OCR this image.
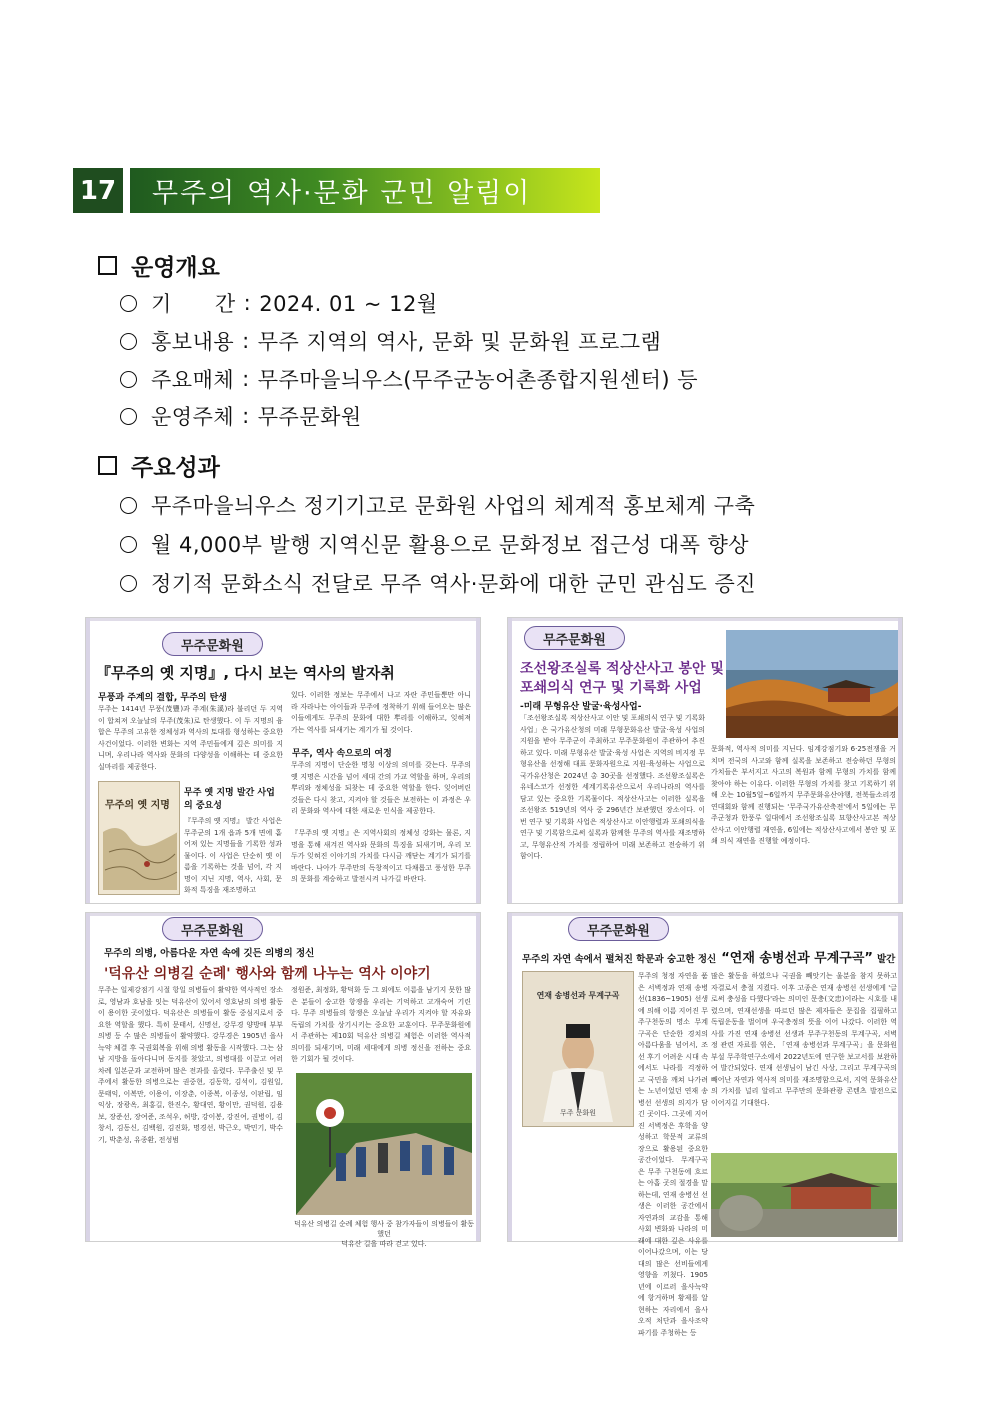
17	무주의 역사·문화 군민 알림이
운영개요
기      간 : 2024. 01 ~ 12월
홍보내용 : 무주 지역의 역사, 문화 및 문화원 프로그램
주요매체 : 무주마을늬우스(무주군농어촌종합지원센터) 등
운영주체 : 무주문화원
주요성과
무주마을늬우스 정기기고로 문화원 사업의 체계적 홍보체계 구축
월 4,000부 발행 지역신문 활용으로 문화정보 접근성 대폭 향상
정기적 문화소식 전달로 무주 역사·문화에 대한 군민 관심도 증진
무주문화원
『무주의 옛 지명』, 다시 보는 역사의 발자취
무풍과 주계의 결합, 무주의 탄생
무주는 1414년 무풍(茂豐)과 주계(朱溪)라 불리던 두 지역이 합쳐져 오늘날의 무주(茂朱)로 탄생했다. 이 두 지명의 융합은 무주의 고유한 정체성과 역사의 토대를 형성하는 중요한 사건이었다. 이러한 변화는 지역 주민들에게 깊은 의미를 지니며, 우리나라 역사와 문화의 다양성을 이해하는 데 중요한 실마리를 제공한다.
있다. 이러한 정보는 무주에서 나고 자란 주민들뿐만 아니라 자라나는 아이들과 무주에 정착하기 위해 들어오는 많은 이들에게도 무주의 문화에 대한 뿌리를 이해하고, 잊혀져 가는 역사를 되새기는 계기가 될 것이다.
무주, 역사 속으로의 여정
무주의 지명이 단순한 명칭 이상의 의미를 갖는다. 무주의 옛 지명은 시간을 넘어 세대 간의 가교 역할을 하며, 우리의 뿌리와 정체성을 되찾는 데 중요한 역할을 한다. 잊어버린 것들은 다시 찾고, 지켜야 할 것들은 보전하는 이 과정은 우리 문화와 역사에 대한 새로운 인식을 제공한다.
무주 옛 지명 발간 사업의 중요성
무주의 옛 지명
『무주의 옛 지명』 발간 사업은 무주군의 1개 읍과 5개 면에 흩어져 있는 지명들을 기록한 성과물이다. 이 사업은 단순히 옛 이름을 기록하는 것을 넘어, 각 지명이 지닌 지명, 역사, 사회, 문화적 특징을 재조명하고
『무주의 옛 지명』은 지역사회의 정체성 강화는 물론, 지명을 통해 새겨진 역사와 문화의 특징을 되새기며, 우리 모두가 잊혀진 이야기의 가치를 다시금 깨닫는 계기가 되기를 바란다. 나아가 무주만의 독창적이고 다채롭고 풍성한 무주의 문화를 계승하고 발전시켜 나가길 바란다.
무주문화원
조선왕조실록 적상산사고 봉안 및
포쇄의식 연구 및 기록화 사업
-미래 무형유산 발굴·육성사업-
「조선왕조실록 적상산사고 이안 및 포쇄의식 연구 및 기록화 사업」은 국가유산청의 미래 무형문화유산 발굴·육성 사업의 지원을 받아 무주군이 주최하고 무주문화원이 주관하여 추진하고 있다. 미래 무형유산 발굴·육성 사업은 지역의 비지정 무형유산을 선정해 대표 문화자원으로 지원·육성하는 사업으로 국가유산청은 2024년 총 30곳을 선정했다. 조선왕조실록은 유네스코가 선정한 세계기록유산으로서 우리나라의 역사를 담고 있는 중요한 기록물이다. 적상산사고는 이러한 실록을 조선왕조 519년의 역사 중 296년간 보관했던 장소이다. 이번 연구 및 기록화 사업은 적상산사고 이안행렬과 포쇄의식을 연구 및 기록함으로써 실록과 함께한 무주의 역사를 재조명하고, 무형유산적 가치를 정립하여 미래 보존하고 전승하기 위함이다.
문화적, 역사적 의미를 지닌다. 임계강점기와 6·25전쟁을 거치며 전국의 사고와 함께 실록을 보존하고 전승하던 무형의 가치들은 부서지고 사고의 복원과 함께 무형의 가치를 함께 찾아야 하는 이유다. 이러한 무형의 가치를 찾고 기록하기 위해 오는 10월5일~6일까지 무주문화유산야행, 전북들소리경연대회와 함께 진행되는 '무주국가유산축전'에서 5일에는 무주군청과 한풍루 일대에서 조선왕조실록 묘향산사고본 적상산사고 이안행렬 재연을, 6일에는 적상산사고에서 봉안 및 포쇄 의식 재연을 진행할 예정이다.
무주문화원
무주의 의병, 아름다운 자연 속에 깃든 의병의 정신
'덕유산 의병길 순례' 행사와 함께 나누는 역사 이야기
무주는 일제강점기 시절 항일 의병들이 활약한 역사적인 장소로, 영남과 호남을 잇는 덕유산이 있어서 영호남의 의병 활동이 용이한 곳이었다. 덕유산은 의병들이 활동 중심지로서 중요한 역할을 했다. 특히 문태서, 신명선, 강무경 양방매 부부의병 등 수 많은 의병들이 활약했다. 강무경은 1905년 을사늑약 체결 후 국권회복을 위해 의병 활동을 시작했다. 그는 삼남 지방을 돌아다니며 동지를 찾았고, 의병대를 이끌고 여러 차례 일본군과 교전하며 많은 전과를 올렸다. 무주출신 및 무주에서 활동한 의병으로는 권중현, 김동학, 김석이, 김원일, 문태익, 이복만, 이용이, 이장춘, 이종복, 이종성, 이판립, 임익상, 장광옥, 최홍길, 한진수, 황대연, 황이만, 권덕원, 김용보, 장준선, 장여준, 조석우, 허방, 강이봉, 강진여, 권병이, 김창서, 김동신, 김백원, 김진화, 명경선, 박근오, 박민기, 박수기, 박춘성, 유종환, 전성범
정원준, 최정화, 황덕화 등 그 외에도 이름을 남기지 못한 많은 분들이 숭고한 항쟁을 우리는 기억하고 고개숙여 기린다. 무주 의병들의 항쟁은 오늘날 우리가 지켜야 할 자유와 독립의 가치를 상기시키는 중요한 교훈이다. 무주문화원에서 주관하는 제10회 덕유산 의병길 체험은 이러한 역사적 의미를 되새기며, 미래 세대에게 의병 정신을 전하는 중요한 기회가 될 것이다.
덕유산 의병길 순례 체험 행사 중 참가자들이 의병들이 활동했던
덕유산 길을 따라 걷고 있다.
무주문화원
무주의 자연 속에서 펼쳐진 학문과 숭고한 정신 “연재 송병선과 무계구곡” 발간
연재 송병선과 무계구곡
무주 문화원
무주의 청정 자연을 품은 서벽정과 연재 송병선(1836~1905) 선생에 의해 이름 지어진 무주구천동의 명소 무계구곡은 단순한 경치의 아름다움을 넘어서, 조선 후기 어려운 시대 속에서도 나라를 걱정하고 국민을 깨쳐 나가려는 노년이었던 연재 송병선 선생의 의지가 담긴 곳이다. 그곳에 지어진 서벽정은 후학을 양성하고 학문적 교류의 장으로 활용된 중요한 공간이었다. 무계구곡은 무주 구천동에 흐르는 아홉 곳의 절경을 말하는데, 연재 송병선 선생은 이러한 공간에서 자연과의 교감을 통해 사회 변화와 나라의 미래에 대한 깊은 사유를 이어나갔으며, 이는 당대의 많은 선비들에게 영향을 끼쳤다. 1905년에 이르러 을사늑약에 항거하며 황제를 알현하는 자리에서 을사오적 처단과 을사조약 파기를 주청하는 등
많은 활동을 하였으나 국권을 빼앗기는 울분을 참지 못하고 자결로서 충절 지켰다. 이후 고종은 연재 송병선 선생에게 '글로써 충성을 다했다'라는 의미인 문충(文忠)이라는 시호를 내렸으며, 연재선생을 따르던 많은 제자들은 문집을 집필하고 독립운동을 벌이며 우국충정의 뜻을 이어 나갔다. 이러한 역사를 가진 연재 송병선 선생과 무주구천동의 무계구곡, 서벽정 관련 자료를 엮은, 「연재 송병선과 무계구곡」을 문화원 부설 무주학연구소에서 2022년도에 연구한 보고서를 보완하여 발간되었다. 연재 선생님이 남긴 사상, 그리고 무계구곡의 빼어난 자연과 역사적 의미를 재조명함으로서, 지역 문화유산의 가치를 널리 알리고 무주만의 문화관광 콘텐츠 발전으로 이어지길 기대한다.
